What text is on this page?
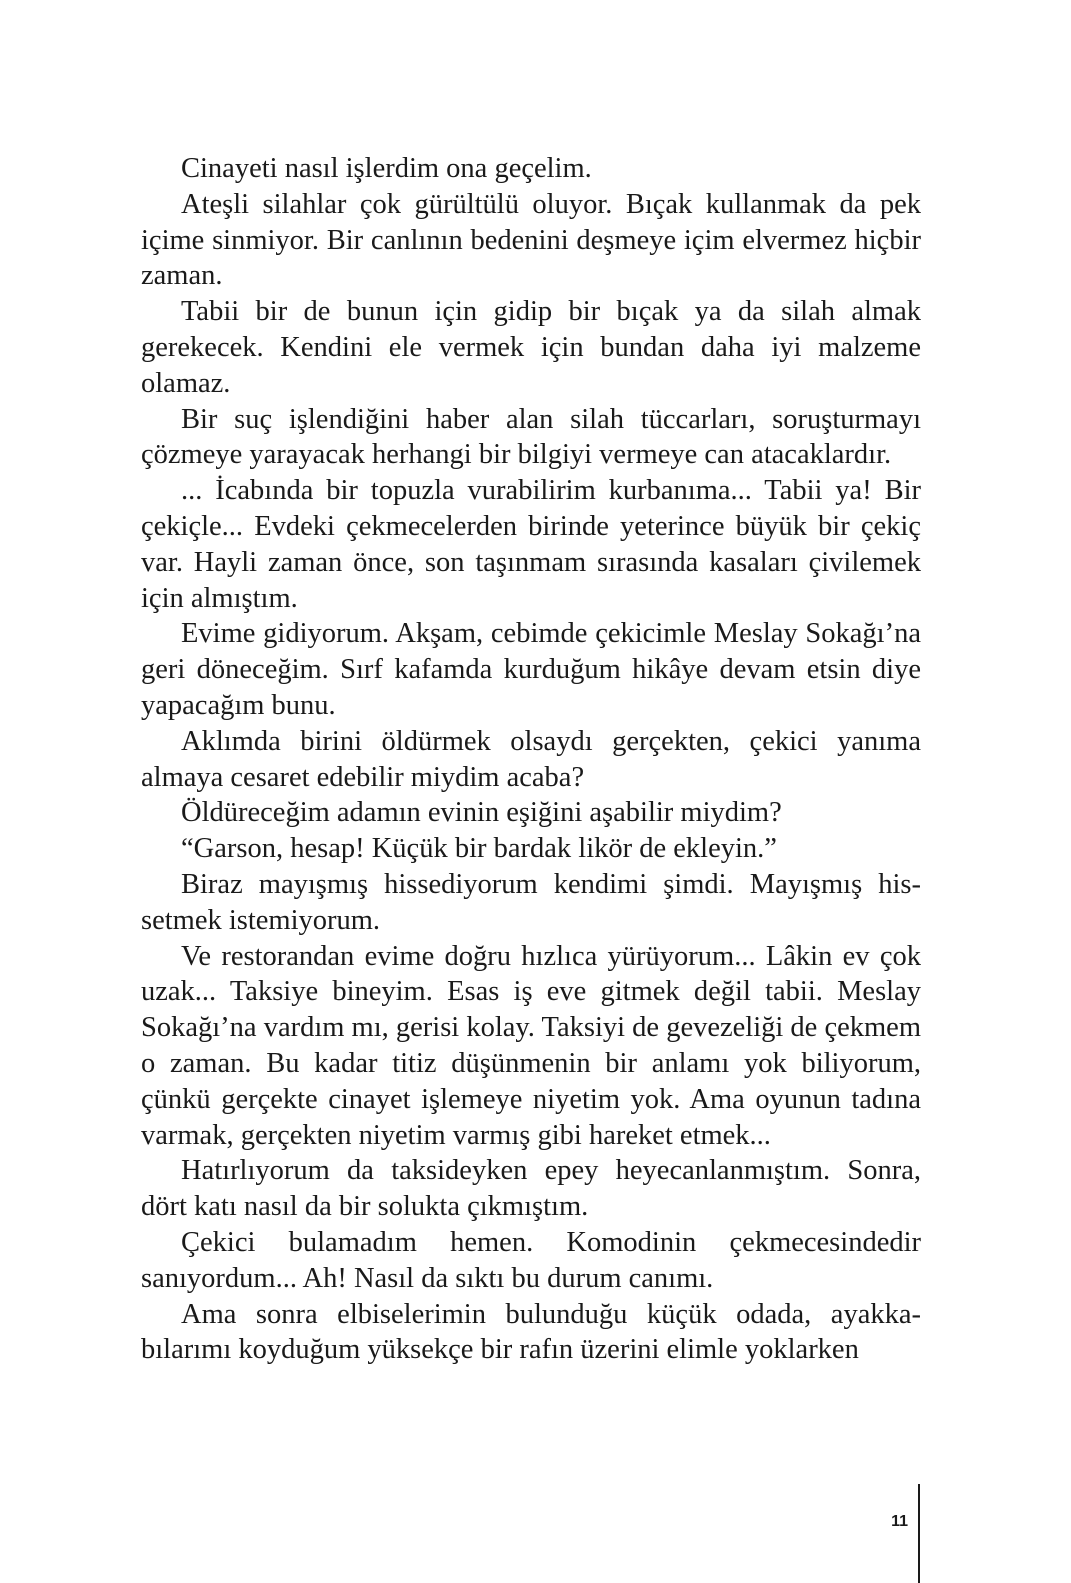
Cinayeti nasıl işlerdim ona geçelim.

Ateşli silahlar çok gürültülü oluyor. Bıçak kullanmak da pek içime sinmiyor. Bir canlının bedenini deşmeye içim elvermez hiçbir zaman.

Tabii bir de bunun için gidip bir bıçak ya da silah almak gerekecek. Kendini ele vermek için bundan daha iyi malzeme olamaz.

Bir suç işlendiğini haber alan silah tüccarları, soruşturmayı çözmeye yarayacak herhangi bir bilgiyi vermeye can atacaklardır.

... İcabında bir topuzla vurabilirim kurbanıma... Tabii ya! Bir çekiçle... Evdeki çekmecelerden birinde yeterince büyük bir çekiç var. Hayli zaman önce, son taşınmam sırasında kasaları çivilemek için almıştım.

Evime gidiyorum. Akşam, cebimde çekicimle Meslay Sokağı’na geri döneceğim. Sırf kafamda kurduğum hikâye devam etsin diye yapacağım bunu.

Aklımda birini öldürmek olsaydı gerçekten, çekici yanıma almaya cesaret edebilir miydim acaba?

Öldüreceğim adamın evinin eşiğini aşabilir miydim?

“Garson, hesap! Küçük bir bardak likör de ekleyin.”

Biraz mayışmış hissediyorum kendimi şimdi. Mayışmış hissetmek istemiyorum.

Ve restorandan evime doğru hızlıca yürüyorum... Lâkin ev çok uzak... Taksiye bineyim. Esas iş eve gitmek değil tabii. Meslay Sokağı’na vardım mı, gerisi kolay. Taksiyi de gevezeliği de çekmem o zaman. Bu kadar titiz düşünmenin bir anlamı yok biliyorum, çünkü gerçekte cinayet işlemeye niyetim yok. Ama oyunun tadına varmak, gerçekten niyetim varmış gibi hareket etmek...

Hatırlıyorum da taksideyken epey heyecanlanmıştım. Sonra, dört katı nasıl da bir solukta çıkmıştım.

Çekici bulamadım hemen. Komodinin çekmecesindedir sanıyordum... Ah! Nasıl da sıktı bu durum canımı.

Ama sonra elbiselerimin bulunduğu küçük odada, ayakkabılarımı koyduğum yüksekçe bir rafın üzerini elimle yoklarken

11
